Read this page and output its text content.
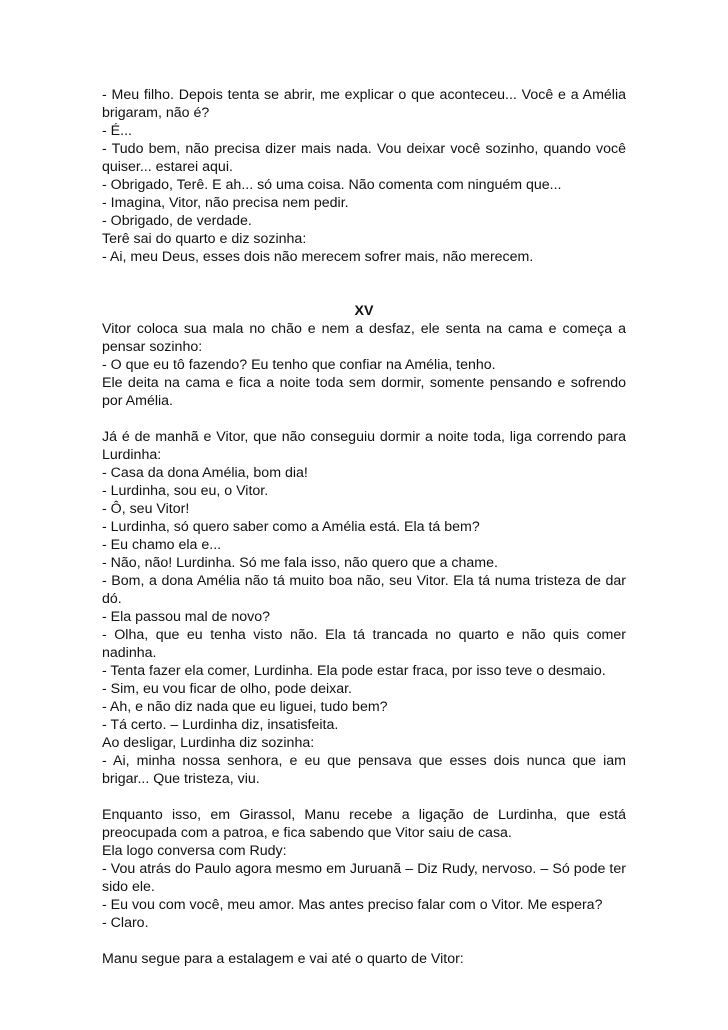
- Meu filho. Depois tenta se abrir, me explicar o que aconteceu... Você e a Amélia brigaram, não é?

- É...

- Tudo bem, não precisa dizer mais nada. Vou deixar você sozinho, quando você quiser... estarei aqui.

- Obrigado, Terê. E ah... só uma coisa. Não comenta com ninguém que...

- Imagina, Vitor, não precisa nem pedir.

- Obrigado, de verdade.

Terê sai do quarto e diz sozinha:

- Ai, meu Deus, esses dois não merecem sofrer mais, não merecem.

XV

Vitor coloca sua mala no chão e nem a desfaz, ele senta na cama e começa a pensar sozinho:

- O que eu tô fazendo? Eu tenho que confiar na Amélia, tenho.

Ele deita na cama e fica a noite toda sem dormir, somente pensando e sofrendo por Amélia.

Já é de manhã e Vitor, que não conseguiu dormir a noite toda, liga correndo para Lurdinha:

- Casa da dona Amélia, bom dia!

- Lurdinha, sou eu, o Vitor.

- Ô, seu Vitor!

- Lurdinha, só quero saber como a Amélia está. Ela tá bem?

- Eu chamo ela e...

- Não, não! Lurdinha. Só me fala isso, não quero que a chame.

- Bom, a dona Amélia não tá muito boa não, seu Vitor. Ela tá numa tristeza de dar dó.

- Ela passou mal de novo?

- Olha, que eu tenha visto não. Ela tá trancada no quarto e não quis comer nadinha.

- Tenta fazer ela comer, Lurdinha. Ela pode estar fraca, por isso teve o desmaio.

- Sim, eu vou ficar de olho, pode deixar.

- Ah, e não diz nada que eu liguei, tudo bem?

- Tá certo. – Lurdinha diz, insatisfeita.

Ao desligar, Lurdinha diz sozinha:

- Ai, minha nossa senhora, e eu que pensava que esses dois nunca que iam brigar... Que tristeza, viu.

Enquanto isso, em Girassol, Manu recebe a ligação de Lurdinha, que está preocupada com a patroa, e fica sabendo que Vitor saiu de casa.

Ela logo conversa com Rudy:

- Vou atrás do Paulo agora mesmo em Juruanã – Diz Rudy, nervoso. – Só pode ter sido ele.

- Eu vou com você, meu amor. Mas antes preciso falar com o Vitor. Me espera?

- Claro.

Manu segue para a estalagem e vai até o quarto de Vitor:
